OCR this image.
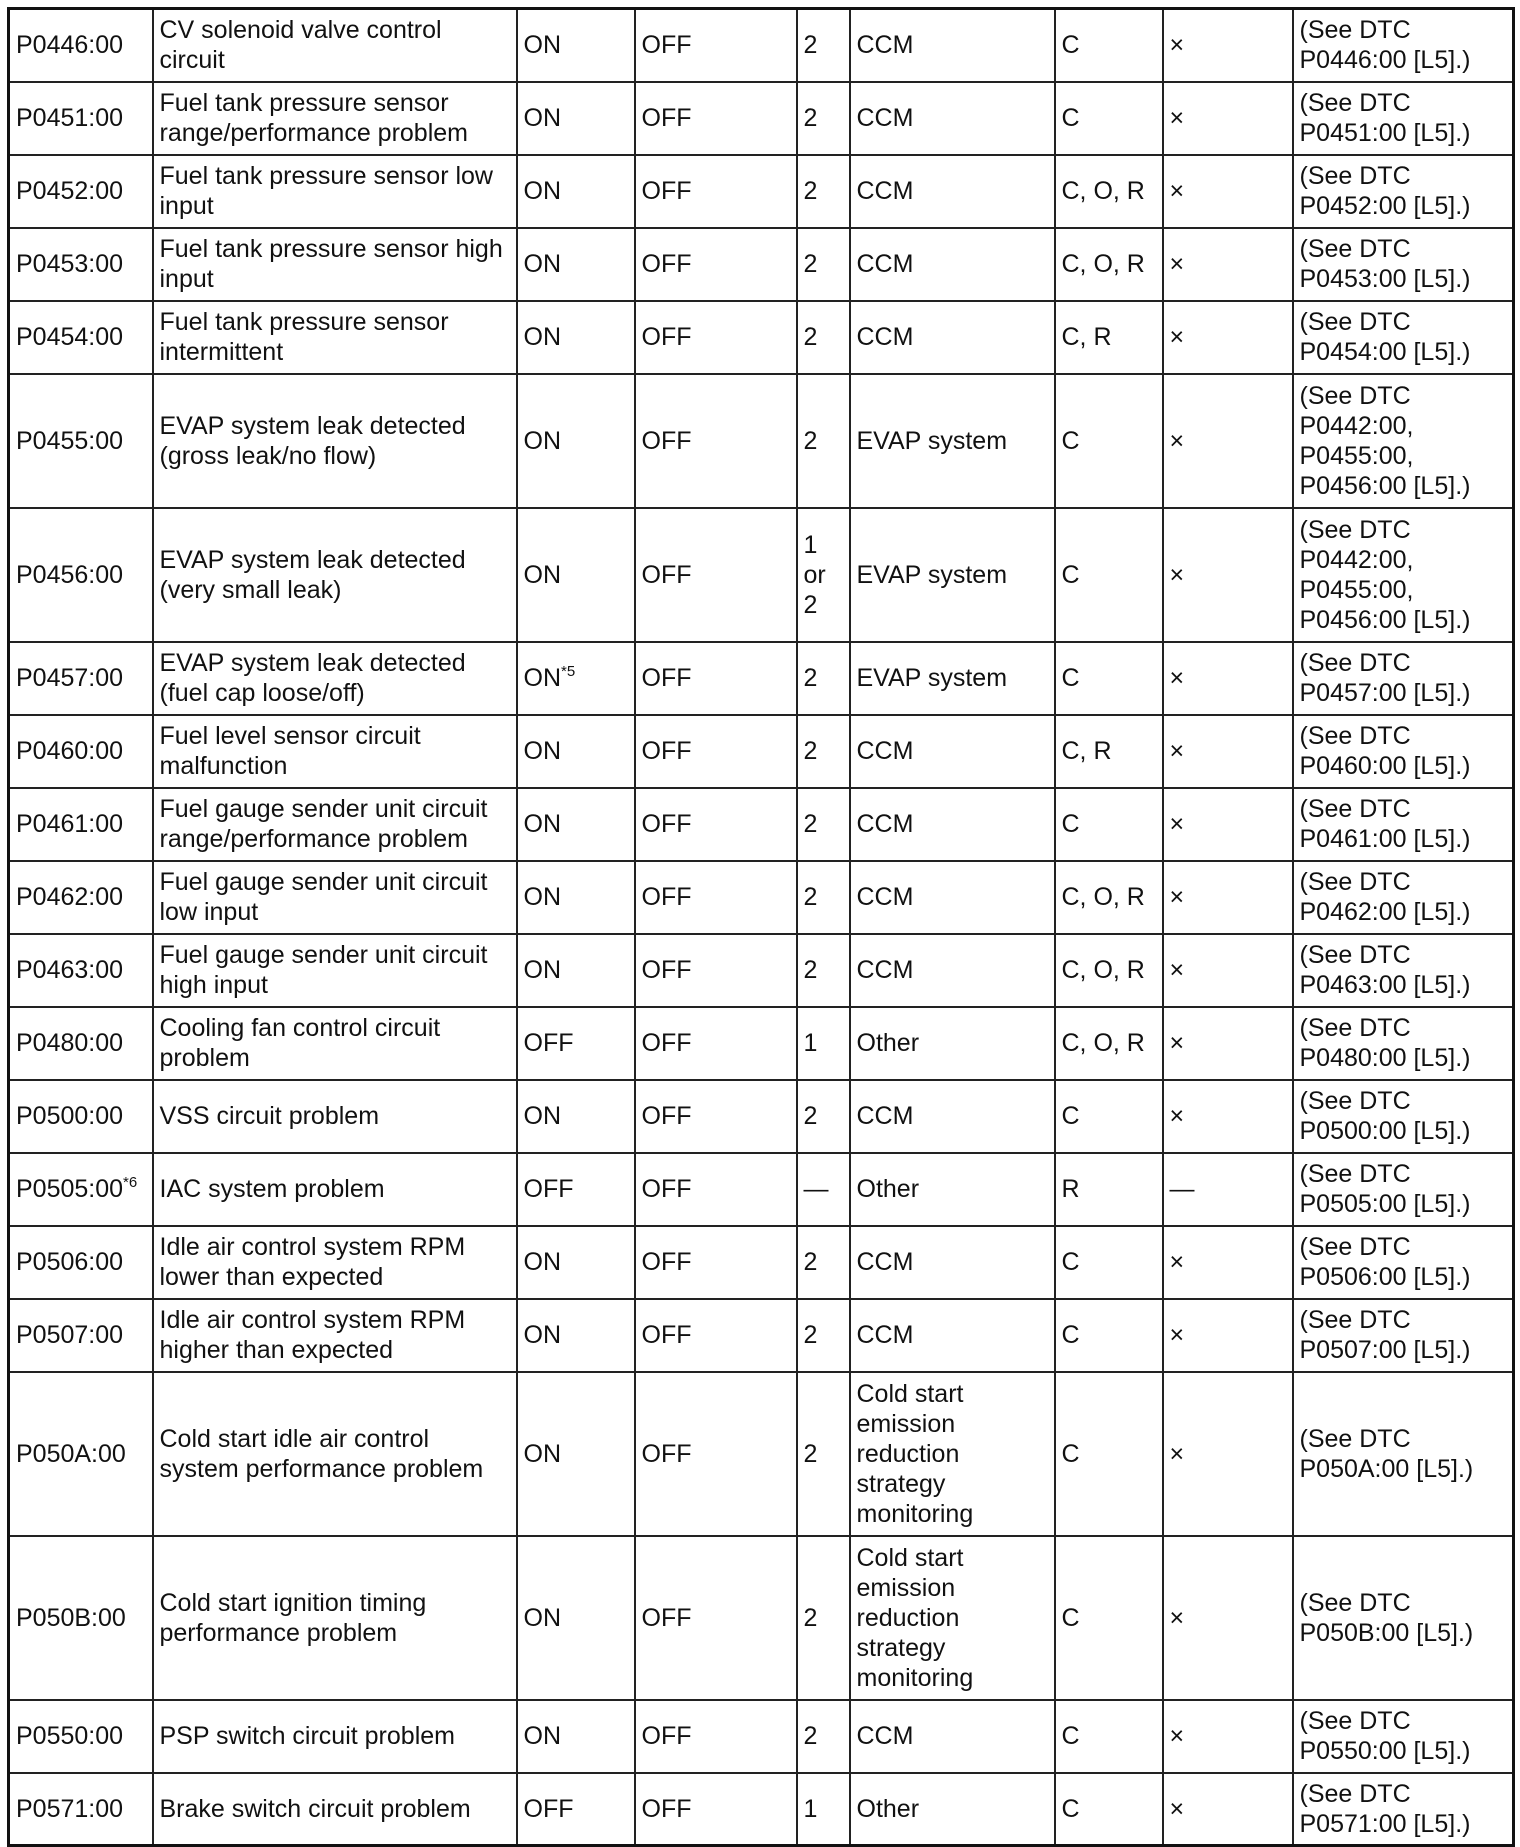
P0446:00	CV solenoid valve control circuit	ON	OFF	2	CCM	C	×	(See DTC P0446:00 [L5].)
P0451:00	Fuel tank pressure sensor range/performance problem	ON	OFF	2	CCM	C	×	(See DTC P0451:00 [L5].)
P0452:00	Fuel tank pressure sensor low input	ON	OFF	2	CCM	C, O, R	×	(See DTC P0452:00 [L5].)
P0453:00	Fuel tank pressure sensor high input	ON	OFF	2	CCM	C, O, R	×	(See DTC P0453:00 [L5].)
P0454:00	Fuel tank pressure sensor intermittent	ON	OFF	2	CCM	C, R	×	(See DTC P0454:00 [L5].)
P0455:00	EVAP system leak detected (gross leak/no flow)	ON	OFF	2	EVAP system	C	×	(See DTC P0442:00, P0455:00, P0456:00 [L5].)
P0456:00	EVAP system leak detected (very small leak)	ON	OFF	1 or 2	EVAP system	C	×	(See DTC P0442:00, P0455:00, P0456:00 [L5].)
P0457:00	EVAP system leak detected (fuel cap loose/off)	ON$^{*5}$	OFF	2	EVAP system	C	×	(See DTC P0457:00 [L5].)
P0460:00	Fuel level sensor circuit malfunction	ON	OFF	2	CCM	C, R	×	(See DTC P0460:00 [L5].)
P0461:00	Fuel gauge sender unit circuit range/performance problem	ON	OFF	2	CCM	C	×	(See DTC P0461:00 [L5].)
P0462:00	Fuel gauge sender unit circuit low input	ON	OFF	2	CCM	C, O, R	×	(See DTC P0462:00 [L5].)
P0463:00	Fuel gauge sender unit circuit high input	ON	OFF	2	CCM	C, O, R	×	(See DTC P0463:00 [L5].)
P0480:00	Cooling fan control circuit problem	OFF	OFF	1	Other	C, O, R	×	(See DTC P0480:00 [L5].)
P0500:00	VSS circuit problem	ON	OFF	2	CCM	C	×	(See DTC P0500:00 [L5].)
P0505:00$^{*6}$	IAC system problem	OFF	OFF	—	Other	R	—	(See DTC P0505:00 [L5].)
P0506:00	Idle air control system RPM lower than expected	ON	OFF	2	CCM	C	×	(See DTC P0506:00 [L5].)
P0507:00	Idle air control system RPM higher than expected	ON	OFF	2	CCM	C	×	(See DTC P0507:00 [L5].)
P050A:00	Cold start idle air control system performance problem	ON	OFF	2	Cold start emission reduction strategy monitoring	C	×	(See DTC P050A:00 [L5].)
P050B:00	Cold start ignition timing performance problem	ON	OFF	2	Cold start emission reduction strategy monitoring	C	×	(See DTC P050B:00 [L5].)
P0550:00	PSP switch circuit problem	ON	OFF	2	CCM	C	×	(See DTC P0550:00 [L5].)
P0571:00	Brake switch circuit problem	OFF	OFF	1	Other	C	×	(See DTC P0571:00 [L5].)
